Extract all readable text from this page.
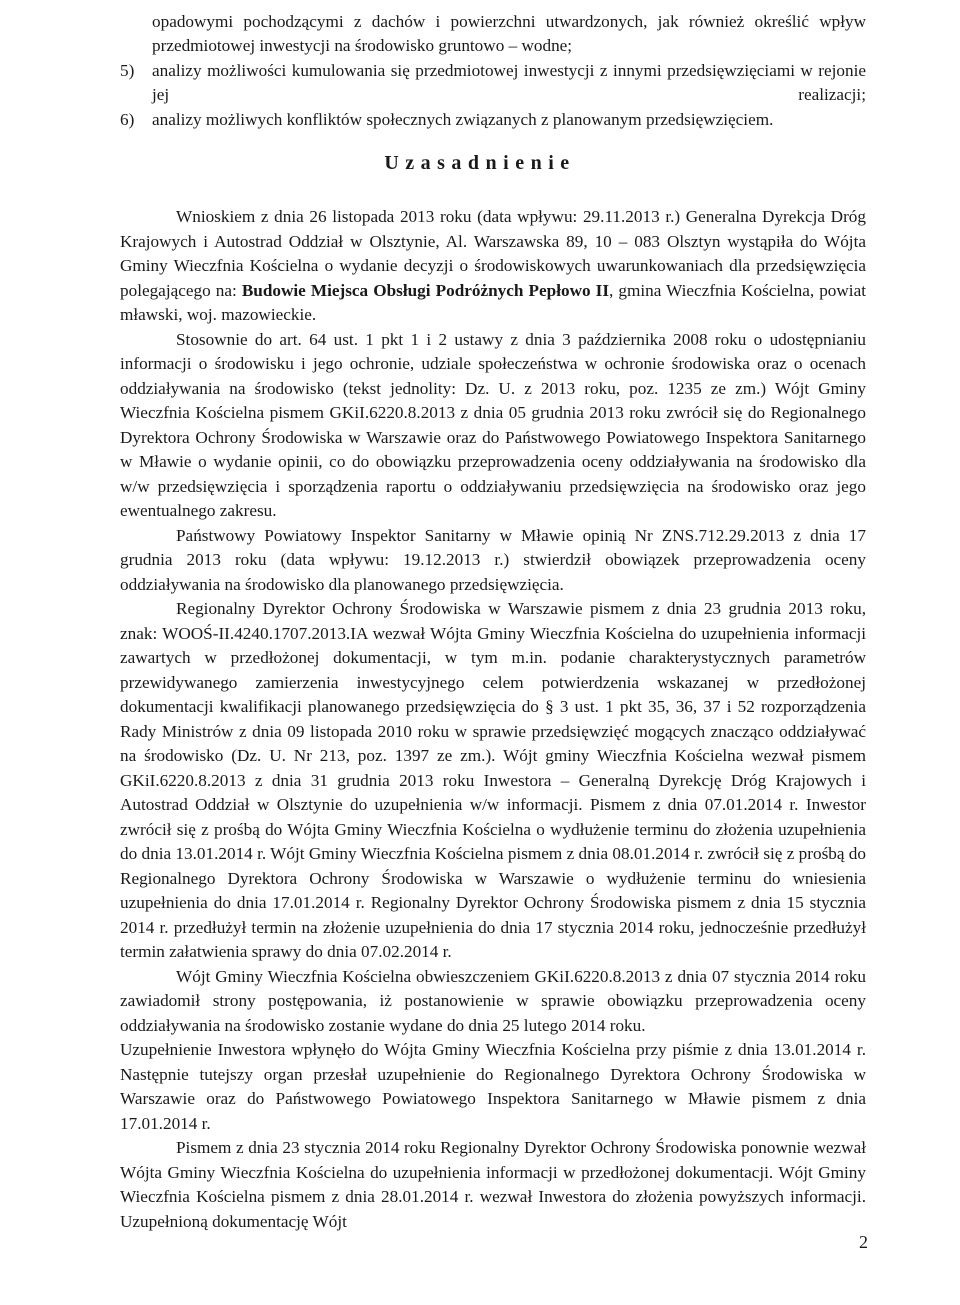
opadowymi pochodzącymi z dachów i powierzchni utwardzonych, jak również określić wpływ przedmiotowej inwestycji na środowisko gruntowo – wodne;
5)	analizy możliwości kumulowania się przedmiotowej inwestycji z innymi przedsięwzięciami w rejonie jej realizacji;
6)	analizy możliwych konfliktów społecznych związanych z planowanym przedsięwzięciem.
Uzasadnienie

Wnioskiem z dnia 26 listopada 2013 roku (data wpływu: 29.11.2013 r.) Generalna Dyrekcja Dróg Krajowych i Autostrad Oddział w Olsztynie, Al. Warszawska 89, 10 – 083 Olsztyn wystąpiła do Wójta Gminy Wieczfnia Kościelna o wydanie decyzji o środowiskowych uwarunkowaniach dla przedsięwzięcia polegającego na: Budowie Miejsca Obsługi Podróżnych Pepłowo II, gmina Wieczfnia Kościelna, powiat mławski, woj. mazowieckie.

Stosownie do art. 64 ust. 1 pkt 1 i 2 ustawy z dnia 3 października 2008 roku o udostępnianiu informacji o środowisku i jego ochronie, udziale społeczeństwa w ochronie środowiska oraz o ocenach oddziaływania na środowisko (tekst jednolity: Dz. U. z 2013 roku, poz. 1235 ze zm.) Wójt Gminy Wieczfnia Kościelna pismem GKiI.6220.8.2013 z dnia 05 grudnia 2013 roku zwrócił się do Regionalnego Dyrektora Ochrony Środowiska w Warszawie oraz do Państwowego Powiatowego Inspektora Sanitarnego w Mławie o wydanie opinii, co do obowiązku przeprowadzenia oceny oddziaływania na środowisko dla w/w przedsięwzięcia i sporządzenia raportu o oddziaływaniu przedsięwzięcia na środowisko oraz jego ewentualnego zakresu.

Państwowy Powiatowy Inspektor Sanitarny w Mławie opinią Nr ZNS.712.29.2013 z dnia 17 grudnia 2013 roku (data wpływu: 19.12.2013 r.) stwierdził obowiązek przeprowadzenia oceny oddziaływania na środowisko dla planowanego przedsięwzięcia.

Regionalny Dyrektor Ochrony Środowiska w Warszawie pismem z dnia 23 grudnia 2013 roku, znak: WOOŚ-II.4240.1707.2013.IA wezwał Wójta Gminy Wieczfnia Kościelna do uzupełnienia informacji zawartych w przedłożonej dokumentacji, w tym m.in. podanie charakterystycznych parametrów przewidywanego zamierzenia inwestycyjnego celem potwierdzenia wskazanej w przedłożonej dokumentacji kwalifikacji planowanego przedsięwzięcia do § 3 ust. 1 pkt 35, 36, 37 i 52 rozporządzenia Rady Ministrów z dnia 09 listopada 2010 roku w sprawie przedsięwzięć mogących znacząco oddziaływać na środowisko (Dz. U. Nr 213, poz. 1397 ze zm.). Wójt gminy Wieczfnia Kościelna wezwał pismem GKiI.6220.8.2013 z dnia 31 grudnia 2013 roku Inwestora – Generalną Dyrekcję Dróg Krajowych i Autostrad Oddział w Olsztynie do uzupełnienia w/w informacji. Pismem z dnia 07.01.2014 r. Inwestor zwrócił się z prośbą do Wójta Gminy Wieczfnia Kościelna o wydłużenie terminu do złożenia uzupełnienia do dnia 13.01.2014 r. Wójt Gminy Wieczfnia Kościelna pismem z dnia 08.01.2014 r. zwrócił się z prośbą do Regionalnego Dyrektora Ochrony Środowiska w Warszawie o wydłużenie terminu do wniesienia uzupełnienia do dnia 17.01.2014 r. Regionalny Dyrektor Ochrony Środowiska pismem z dnia 15 stycznia 2014 r. przedłużył termin na złożenie uzupełnienia do dnia 17 stycznia 2014 roku, jednocześnie przedłużył termin załatwienia sprawy do dnia 07.02.2014 r.

Wójt Gminy Wieczfnia Kościelna obwieszczeniem GKiI.6220.8.2013 z dnia 07 stycznia 2014 roku zawiadomił strony postępowania, iż postanowienie w sprawie obowiązku przeprowadzenia oceny oddziaływania na środowisko zostanie wydane do dnia 25 lutego 2014 roku.

Uzupełnienie Inwestora wpłynęło do Wójta Gminy Wieczfnia Kościelna przy piśmie z dnia 13.01.2014 r. Następnie tutejszy organ przesłał uzupełnienie do Regionalnego Dyrektora Ochrony Środowiska w Warszawie oraz do Państwowego Powiatowego Inspektora Sanitarnego w Mławie pismem z dnia 17.01.2014 r.

Pismem z dnia 23 stycznia 2014 roku Regionalny Dyrektor Ochrony Środowiska ponownie wezwał Wójta Gminy Wieczfnia Kościelna do uzupełnienia informacji w przedłożonej dokumentacji. Wójt Gminy Wieczfnia Kościelna pismem z dnia 28.01.2014 r. wezwał Inwestora do złożenia powyższych informacji. Uzupełnioną dokumentację Wójt

2
